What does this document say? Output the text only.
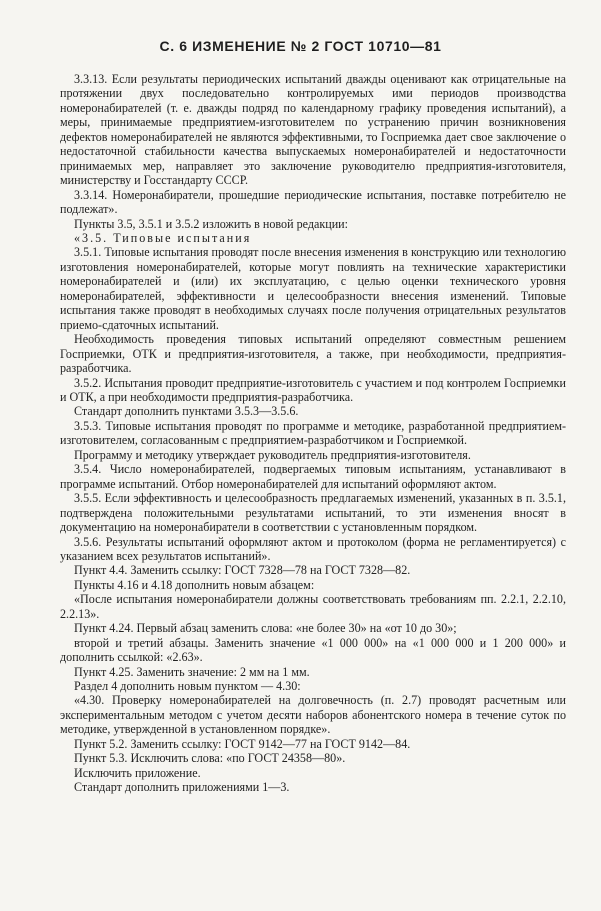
С. 6 ИЗМЕНЕНИЕ № 2 ГОСТ 10710—81

3.3.13. Если результаты периодических испытаний дважды оценивают как отрицательные на протяжении двух последовательно контролируемых ими периодов производства номеронабирателей (т. е. дважды подряд по календарному графику проведения испытаний), а меры, принимаемые предприятием-изготовителем по устранению причин возникновения дефектов номеронабирателей не являются эффективными, то Госприемка дает свое заключение о недостаточной стабильности качества выпускаемых номеронабирателей и недостаточности принимаемых мер, направляет это заключение руководителю предприятия-изготовителя, министерству и Госстандарту СССР.

3.3.14. Номеронабиратели, прошедшие периодические испытания, поставке потребителю не подлежат».

Пункты 3.5, 3.5.1 и 3.5.2 изложить в новой редакции:

«3.5. Типовые испытания

3.5.1. Типовые испытания проводят после внесения изменения в конструкцию или технологию изготовления номеронабирателей, которые могут повлиять на технические характеристики номеронабирателей и (или) их эксплуатацию, с целью оценки технического уровня номеронабирателей, эффективности и целесообразности внесения изменений. Типовые испытания также проводят в необходимых случаях после получения отрицательных результатов приемо-сдаточных испытаний.

Необходимость проведения типовых испытаний определяют совместным решением Госприемки, ОТК и предприятия-изготовителя, а также, при необходимости, предприятия-разработчика.

3.5.2. Испытания проводит предприятие-изготовитель с участием и под контролем Госприемки и ОТК, а при необходимости предприятия-разработчика.

Стандарт дополнить пунктами 3.5.3—3.5.6.

3.5.3. Типовые испытания проводят по программе и методике, разработанной предприятием-изготовителем, согласованным с предприятием-разработчиком и Госприемкой.

Программу и методику утверждает руководитель предприятия-изготовителя.

3.5.4. Число номеронабирателей, подвергаемых типовым испытаниям, устанавливают в программе испытаний. Отбор номеронабирателей для испытаний оформляют актом.

3.5.5. Если эффективность и целесообразность предлагаемых изменений, указанных в п. 3.5.1, подтверждена положительными результатами испытаний, то эти изменения вносят в документацию на номеронабиратели в соответствии с установленным порядком.

3.5.6. Результаты испытаний оформляют актом и протоколом (форма не регламентируется) с указанием всех результатов испытаний».

Пункт 4.4. Заменить ссылку: ГОСТ 7328—78 на ГОСТ 7328—82.

Пункты 4.16 и 4.18 дополнить новым абзацем:

«После испытания номеронабиратели должны соответствовать требованиям пп. 2.2.1, 2.2.10, 2.2.13».

Пункт 4.24. Первый абзац заменить слова: «не более 30» на «от 10 до 30»;

второй и третий абзацы. Заменить значение «1 000 000» на «1 000 000 и 1 200 000» и дополнить ссылкой: «2.63».

Пункт 4.25. Заменить значение: 2 мм на 1 мм.

Раздел 4 дополнить новым пунктом — 4.30:

«4.30. Проверку номеронабирателей на долговечность (п. 2.7) проводят расчетным или экспериментальным методом с учетом десяти наборов абонентского номера в течение суток по методике, утвержденной в установленном порядке».

Пункт 5.2. Заменить ссылку: ГОСТ 9142—77 на ГОСТ 9142—84.

Пункт 5.3. Исключить слова: «по ГОСТ 24358—80».

Исключить приложение.

Стандарт дополнить приложениями 1—3.
